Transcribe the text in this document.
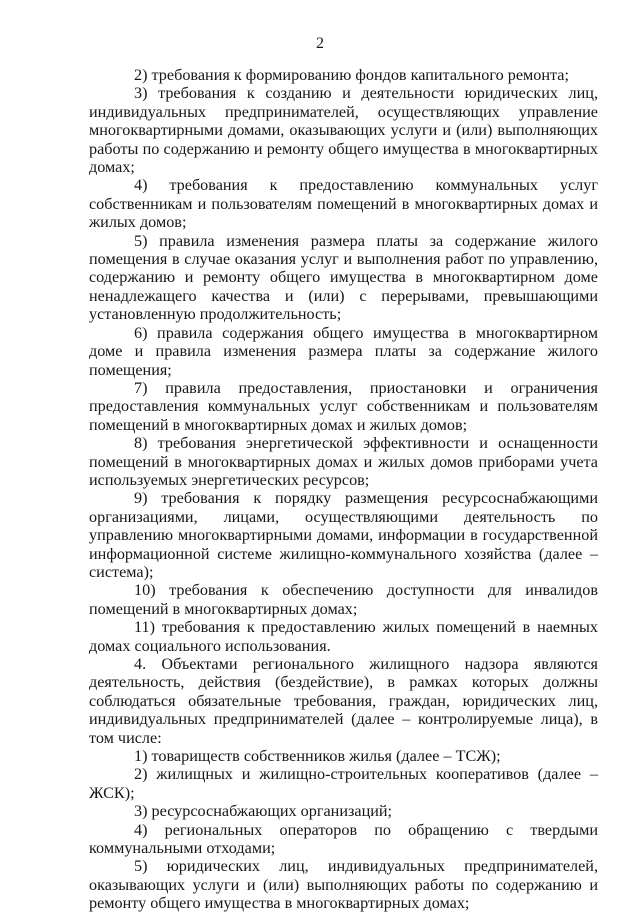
2

2) требования к формированию фондов капитального ремонта;

3) требования к созданию и деятельности юридических лиц, индивидуальных предпринимателей, осуществляющих управление многоквартирными домами, оказывающих услуги и (или) выполняющих работы по содержанию и ремонту общего имущества в многоквартирных домах;

4) требования к предоставлению коммунальных услуг собственникам и пользователям помещений в многоквартирных домах и жилых домов;

5) правила изменения размера платы за содержание жилого помещения в случае оказания услуг и выполнения работ по управлению, содержанию и ремонту общего имущества в многоквартирном доме ненадлежащего качества и (или) с перерывами, превышающими установленную продолжительность;

6) правила содержания общего имущества в многоквартирном доме и правила изменения размера платы за содержание жилого помещения;

7) правила предоставления, приостановки и ограничения предоставления коммунальных услуг собственникам и пользователям помещений в многоквартирных домах и жилых домов;

8) требования энергетической эффективности и оснащенности помещений в многоквартирных домах и жилых домов приборами учета используемых энергетических ресурсов;

9) требования к порядку размещения ресурсоснабжающими организациями, лицами, осуществляющими деятельность по управлению многоквартирными домами, информации в государственной информационной системе жилищно-коммунального хозяйства (далее – система);

10) требования к обеспечению доступности для инвалидов помещений в многоквартирных домах;

11) требования к предоставлению жилых помещений в наемных домах социального использования.

4. Объектами регионального жилищного надзора являются деятельность, действия (бездействие), в рамках которых должны соблюдаться обязательные требования, граждан, юридических лиц, индивидуальных предпринимателей (далее – контролируемые лица), в том числе:

1) товариществ собственников жилья (далее – ТСЖ);

2) жилищных и жилищно-строительных кооперативов (далее – ЖСК);

3) ресурсоснабжающих организаций;

4) региональных операторов по обращению с твердыми коммунальными отходами;

5) юридических лиц, индивидуальных предпринимателей, оказывающих услуги и (или) выполняющих работы по содержанию и ремонту общего имущества в многоквартирных домах;
